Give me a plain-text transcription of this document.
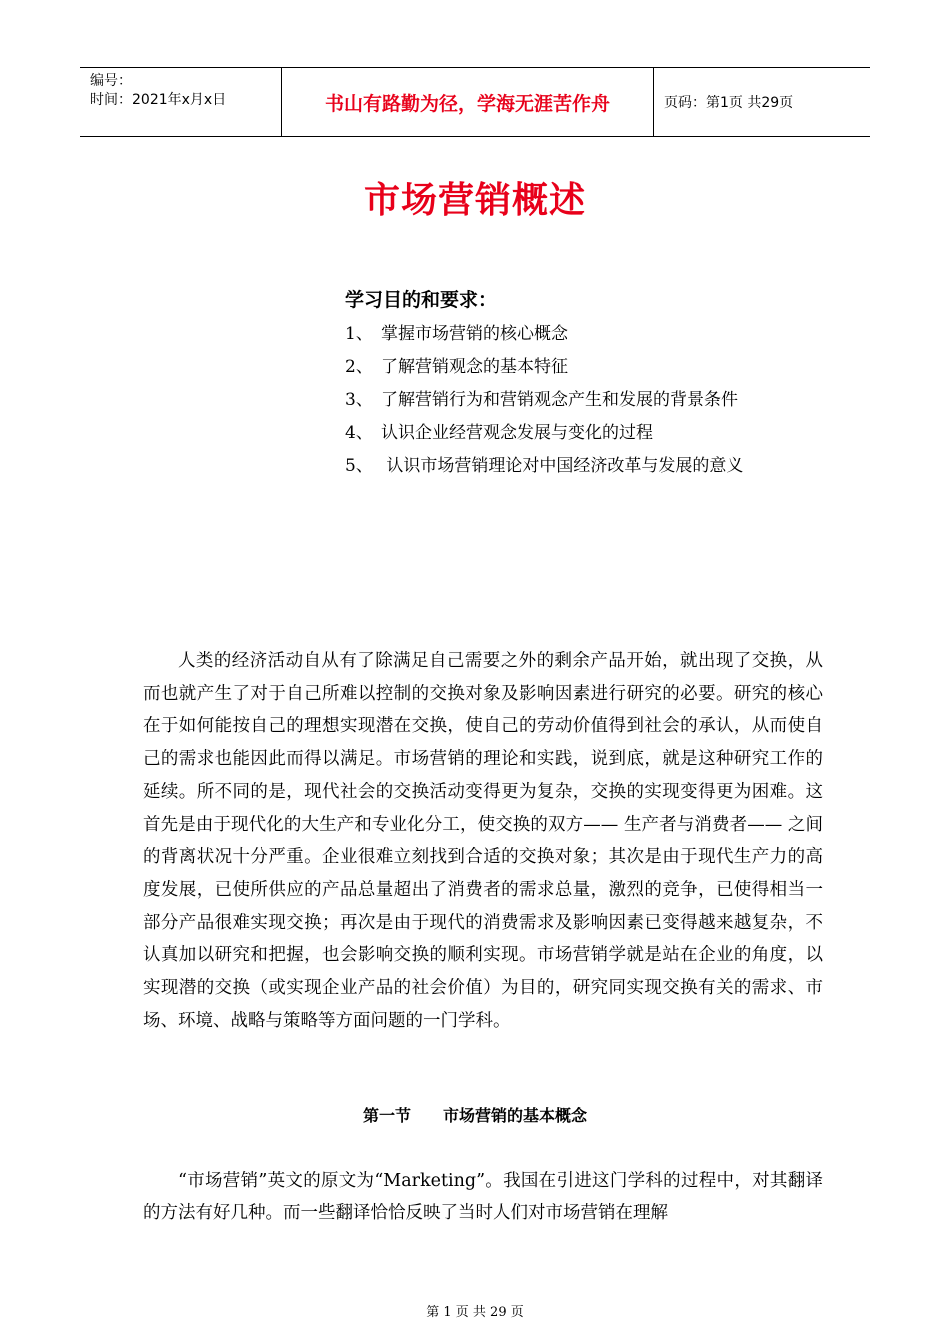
编号：
时间：2021年x月x日	书山有路勤为径，学海无涯苦作舟	页码：第1页 共29页
市场营销概述
学习目的和要求：
1、 掌握市场营销的核心概念
2、 了解营销观念的基本特征
3、 了解营销行为和营销观念产生和发展的背景条件
4、 认识企业经营观念发展与变化的过程
5、 认识市场营销理论对中国经济改革与发展的意义

人类的经济活动自从有了除满足自己需要之外的剩余产品开始，就出现了交换，从而也就产生了对于自己所难以控制的交换对象及影响因素进行研究的必要。研究的核心在于如何能按自己的理想实现潜在交换，使自己的劳动价值得到社会的承认，从而使自己的需求也能因此而得以满足。市场营销的理论和实践，说到底，就是这种研究工作的延续。所不同的是，现代社会的交换活动变得更为复杂，交换的实现变得更为困难。这首先是由于现代化的大生产和专业化分工，使交换的双方—— 生产者与消费者—— 之间的背离状况十分严重。企业很难立刻找到合适的交换对象；其次是由于现代生产力的高度发展，已使所供应的产品总量超出了消费者的需求总量，激烈的竞争，已使得相当一部分产品很难实现交换；再次是由于现代的消费需求及影响因素已变得越来越复杂，不认真加以研究和把握，也会影响交换的顺利实现。市场营销学就是站在企业的角度，以实现潜的交换（或实现企业产品的社会价值）为目的，研究同实现交换有关的需求、市场、环境、战略与策略等方面问题的一门学科。

第一节　　市场营销的基本概念

“市场营销”英文的原文为“Marketing”。我国在引进这门学科的过程中，对其翻译的方法有好几种。而一些翻译恰恰反映了当时人们对市场营销在理解

第 1 页 共 29 页
